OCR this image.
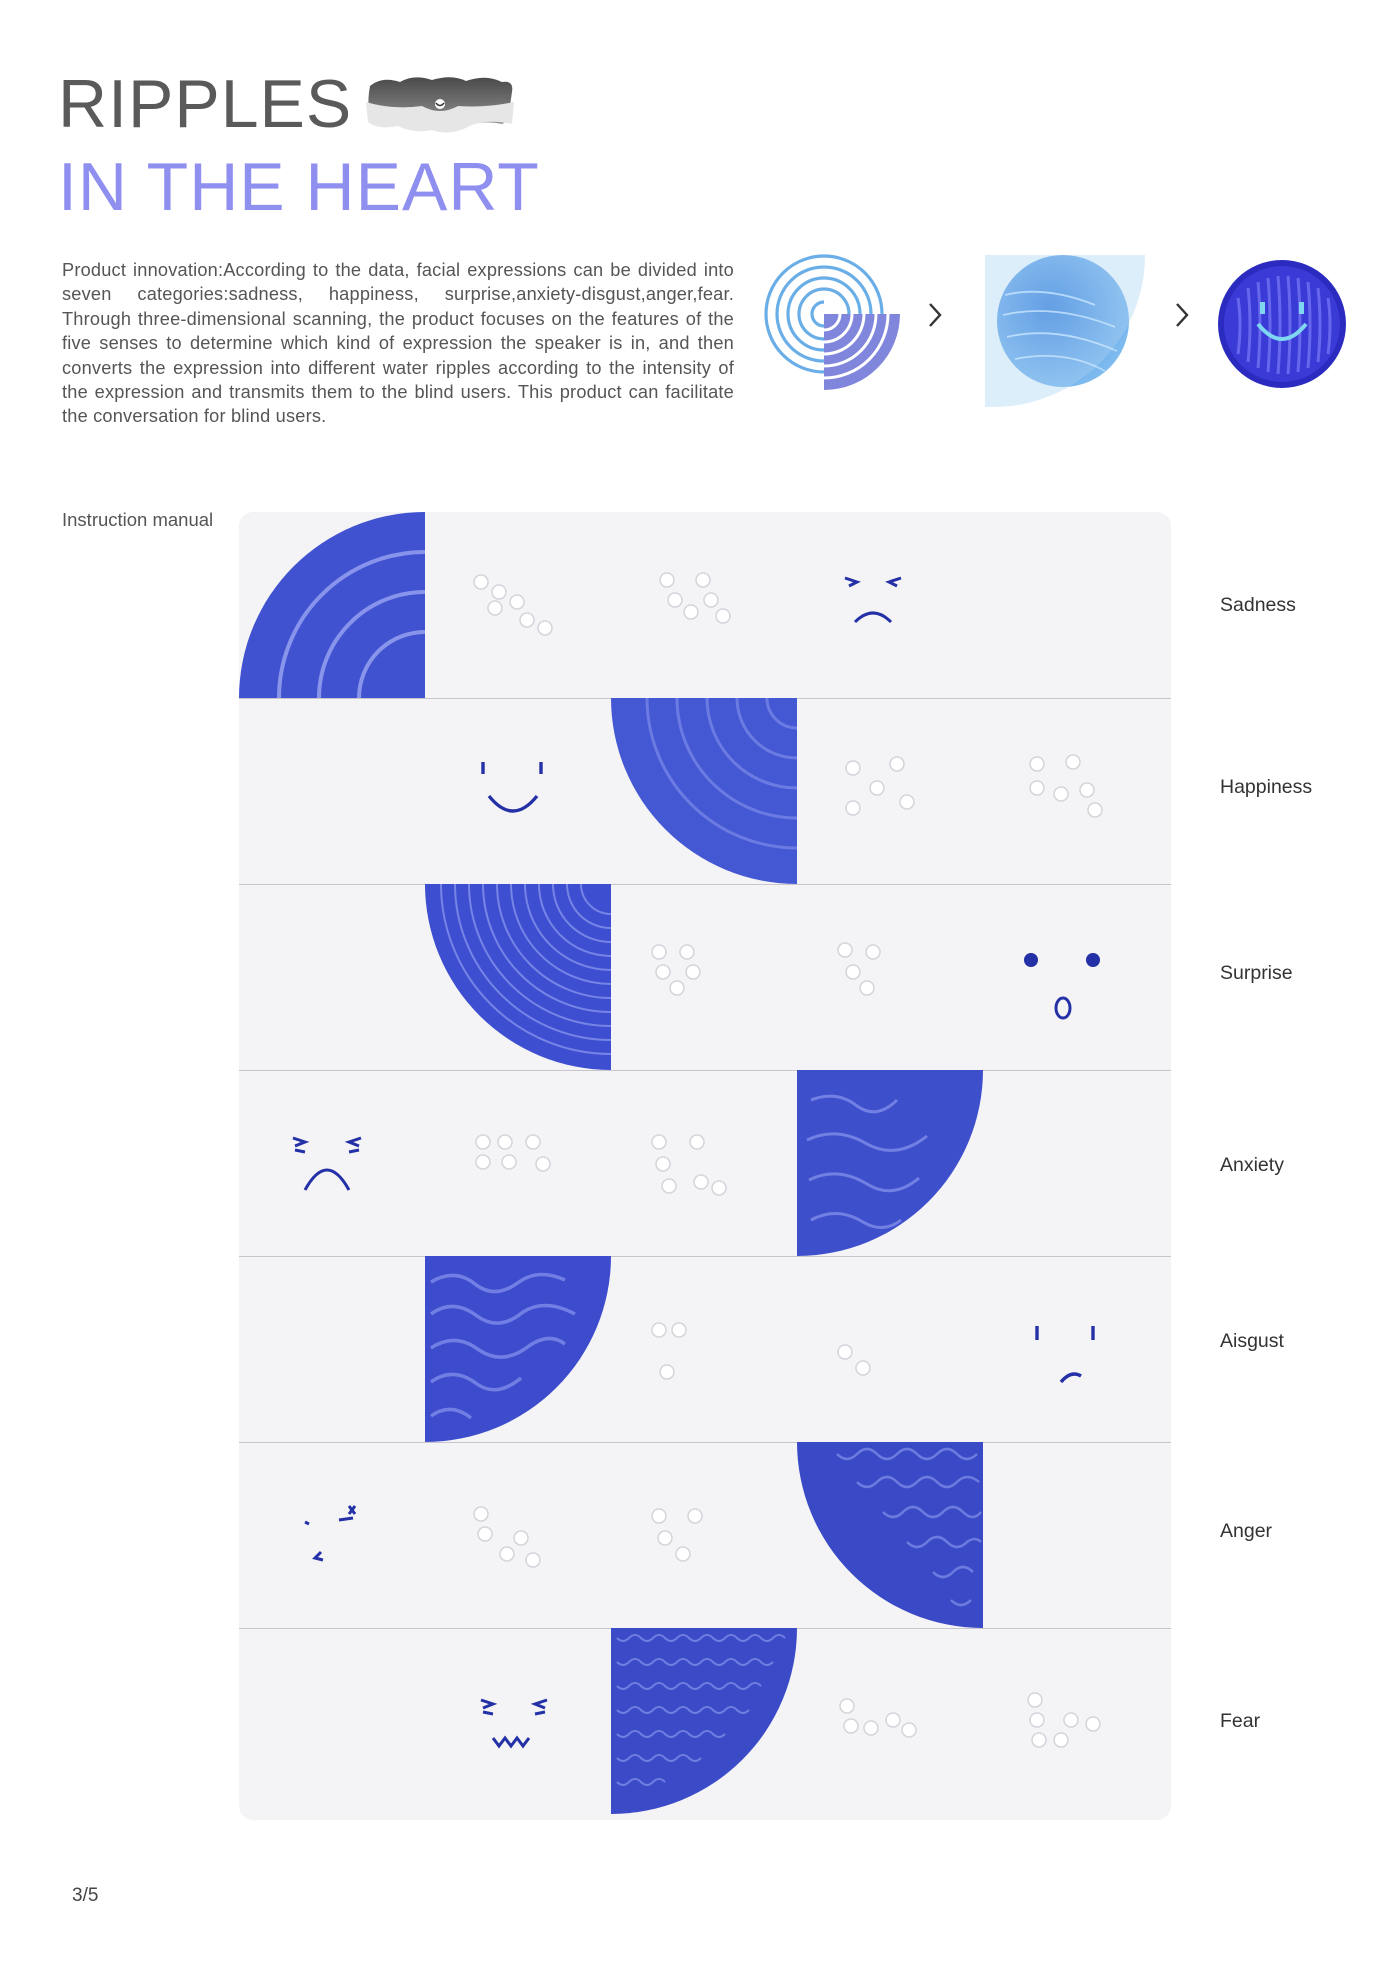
RIPPLES
IN THE HEART
Product innovation:According to the data, facial expressions can be divided into seven categories:sadness, happiness, surprise,anxiety-disgust,anger,fear. Through three-dimensional scanning, the product focuses on the features of the five senses to determine which kind of expression the speaker is in, and then converts the expression into different water ripples according to the intensity of the expression and transmits them to the blind users. This product can facilitate the conversation for blind users.
Instruction manual
Sadness
Happiness
Surprise
Anxiety
Aisgust
Anger
Fear
3/5
